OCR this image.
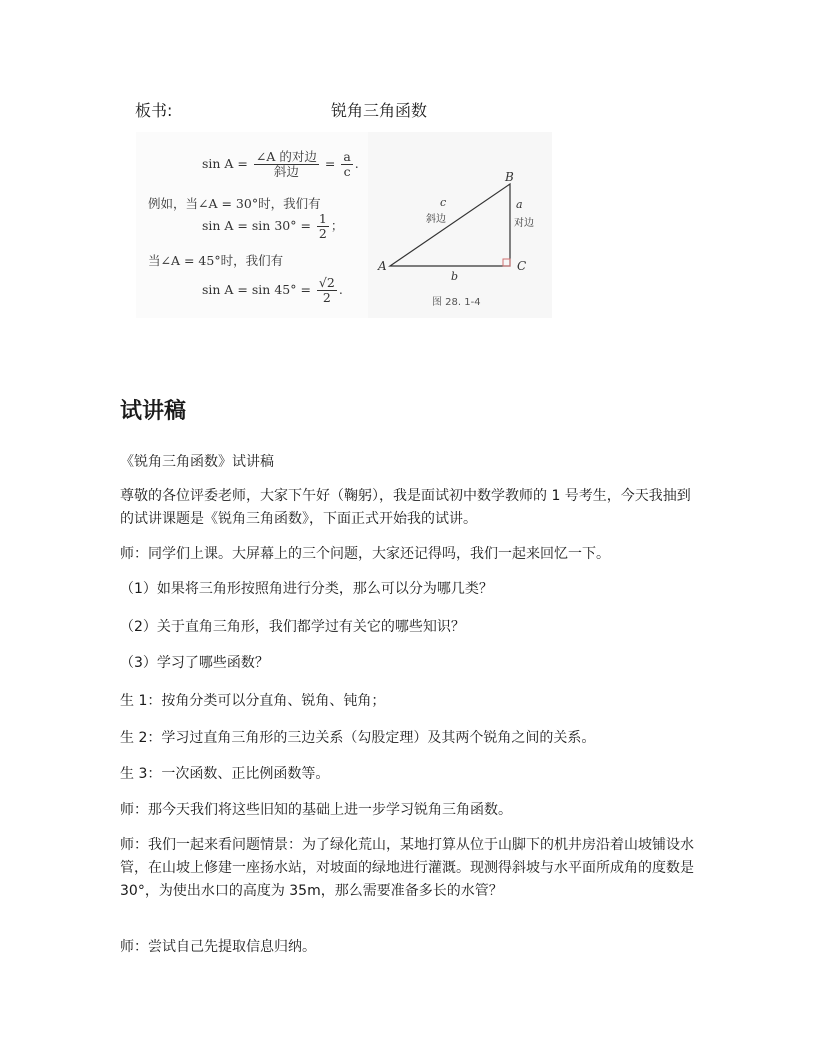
板书:	锐角三角函数
$\sin A = \frac{\text{∠A 的对边}}{\text{斜边}} = \frac{a}{c}$ .
例如，当∠A = 30°时，我们有
$\sin A = \sin 30^\circ = \frac{1}{2}$ ；
当∠A = 45°时，我们有
$\sin A = \sin 45^\circ = \frac{√2}{2}$ .
A
B
C
c
斜边
a
对边
b
图 28. 1-4
试讲稿
《锐角三角函数》试讲稿
尊敬的各位评委老师，大家下午好（鞠躬），我是面试初中数学教师的 1 号考生，今天我抽到的试讲课题是《锐角三角函数》，下面正式开始我的试讲。
师：同学们上课。大屏幕上的三个问题，大家还记得吗，我们一起来回忆一下。
（1）如果将三角形按照角进行分类，那么可以分为哪几类？
（2）关于直角三角形，我们都学过有关它的哪些知识？
（3）学习了哪些函数？
生 1：按角分类可以分直角、锐角、钝角；
生 2：学习过直角三角形的三边关系（勾股定理）及其两个锐角之间的关系。
生 3：一次函数、正比例函数等。
师：那今天我们将这些旧知的基础上进一步学习锐角三角函数。
师：我们一起来看问题情景：为了绿化荒山，某地打算从位于山脚下的机井房沿着山坡铺设水管，在山坡上修建一座扬水站，对坡面的绿地进行灌溉。现测得斜坡与水平面所成角的度数是 30°，为使出水口的高度为 35m，那么需要准备多长的水管？
师：尝试自己先提取信息归纳。
